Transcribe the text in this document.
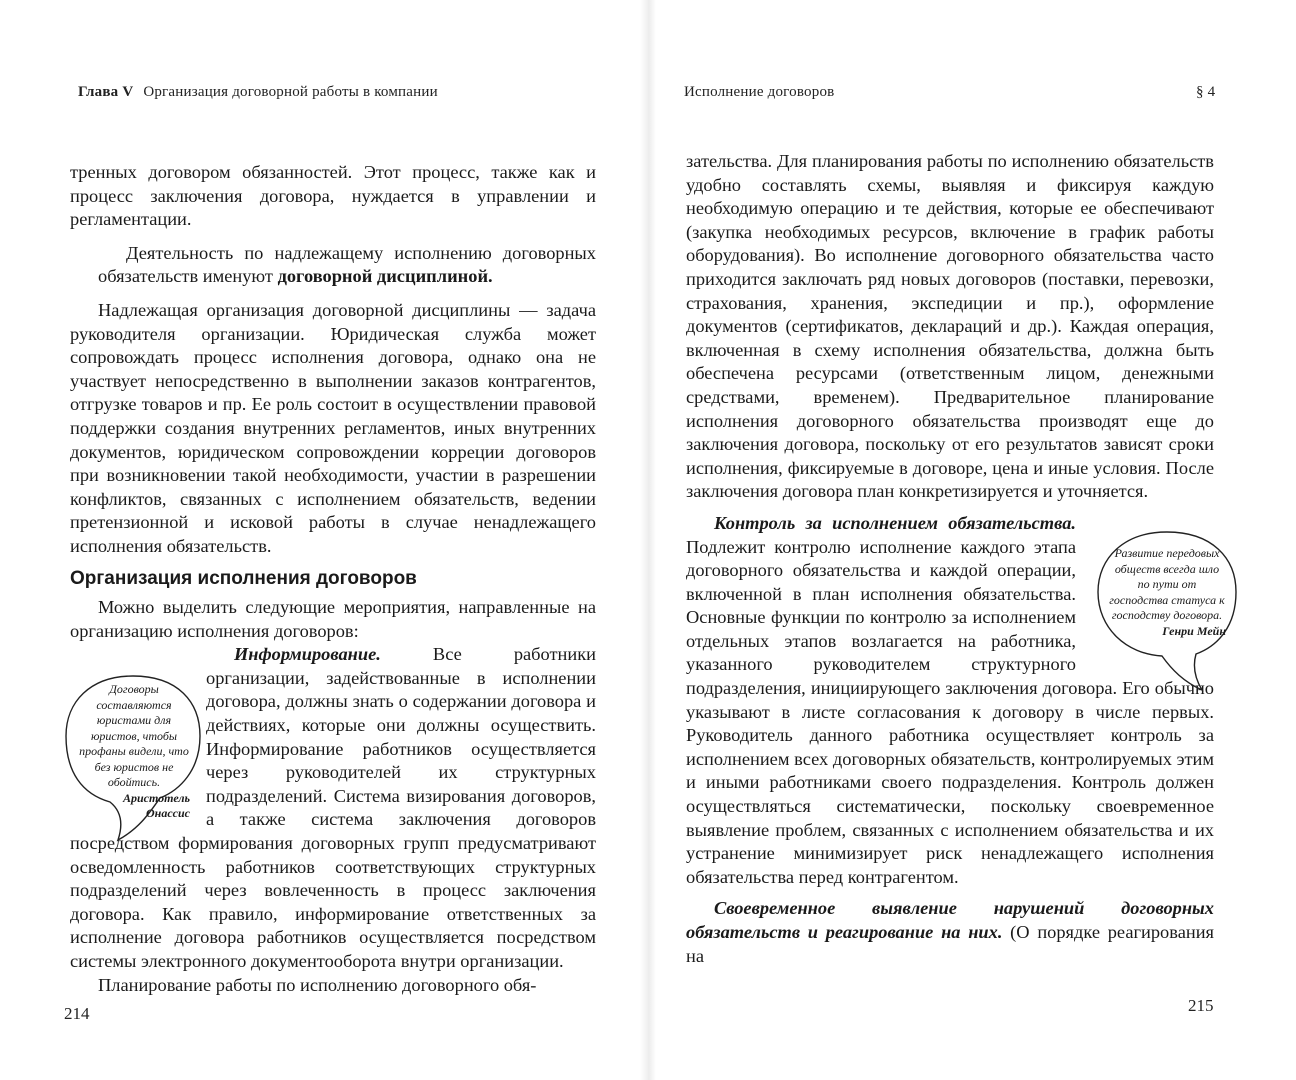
Глава V Организация договорной работы в компании

тренных договором обязанностей. Этот процесс, также как и процесс заключения договора, нуждается в управлении и регламентации.

Деятельность по надлежащему исполнению договорных обязательств именуют договорной дисциплиной.

Надлежащая организация договорной дисциплины — задача руководителя организации. Юридическая служба может сопровождать процесс исполнения договора, однако она не участвует непосредственно в выполнении заказов контрагентов, отгрузке товаров и пр. Ее роль состоит в осуществлении правовой поддержки создания внутренних регламентов, иных внутренних документов, юридическом сопровождении корреции договоров при возникновении такой необходимости, участии в разрешении конфликтов, связанных с исполнением обязательств, ведении претензионной и исковой работы в случае ненадлежащего исполнения обязательств.

Организация исполнения договоров

Можно выделить следующие мероприятия, направленные на организацию исполнения договоров:

Информирование. Все работники организации, задействованные в исполнении договора, должны знать о содержании договора и действиях, которые они должны осуществить. Информирование работников осуществляется через руководителей их структурных подразделений. Система визирования договоров, а также система заключения договоров посредством формирования договорных групп предусматривают осведомленность работников соответствующих структурных подразделений через вовлеченность в процесс заключения договора. Как правило, информирование ответственных за исполнение договора работников осуществляется посредством системы электронного документооборота внутри организации.

Планирование работы по исполнению договорного обя-

Договоры составляются юристами для юристов, чтобы профаны видели, что без юристов не обойтись.
Аристотель Онассис
214
Исполнение договоров	§ 4

зательства. Для планирования работы по исполнению обязательств удобно составлять схемы, выявляя и фиксируя каждую необходимую операцию и те действия, которые ее обеспечивают (закупка необходимых ресурсов, включение в график работы оборудования). Во исполнение договорного обязательства часто приходится заключать ряд новых договоров (поставки, перевозки, страхования, хранения, экспедиции и пр.), оформление документов (сертификатов, деклараций и др.). Каждая операция, включенная в схему исполнения обязательства, должна быть обеспечена ресурсами (ответственным лицом, денежными средствами, временем). Предварительное планирование исполнения договорного обязательства производят еще до заключения договора, поскольку от его результатов зависят сроки исполнения, фиксируемые в договоре, цена и иные условия. После заключения договора план конкретизируется и уточняется.

Контроль за исполнением обязательства. Подлежит контролю исполнение каждого этапа договорного обязательства и каждой операции, включенной в план исполнения обязательства. Основные функции по контролю за исполнением отдельных этапов возлагается на работника, указанного руководителем структурного подразделения, инициирующего заключения договора. Его обычно указывают в листе согласования к договору в числе первых. Руководитель данного работника осуществляет контроль за исполнением всех договорных обязательств, контролируемых этим и иными работниками своего подразделения. Контроль должен осуществляться систематически, поскольку своевременное выявление проблем, связанных с исполнением обязательства и их устранение минимизирует риск ненадлежащего исполнения обязательства перед контрагентом.

Своевременное выявление нарушений договорных обязательств и реагирование на них. (О порядке реагирования на

Развитие передовых обществ всегда шло по пути от господства статуса к господству договора.
Генри Мейн
215
